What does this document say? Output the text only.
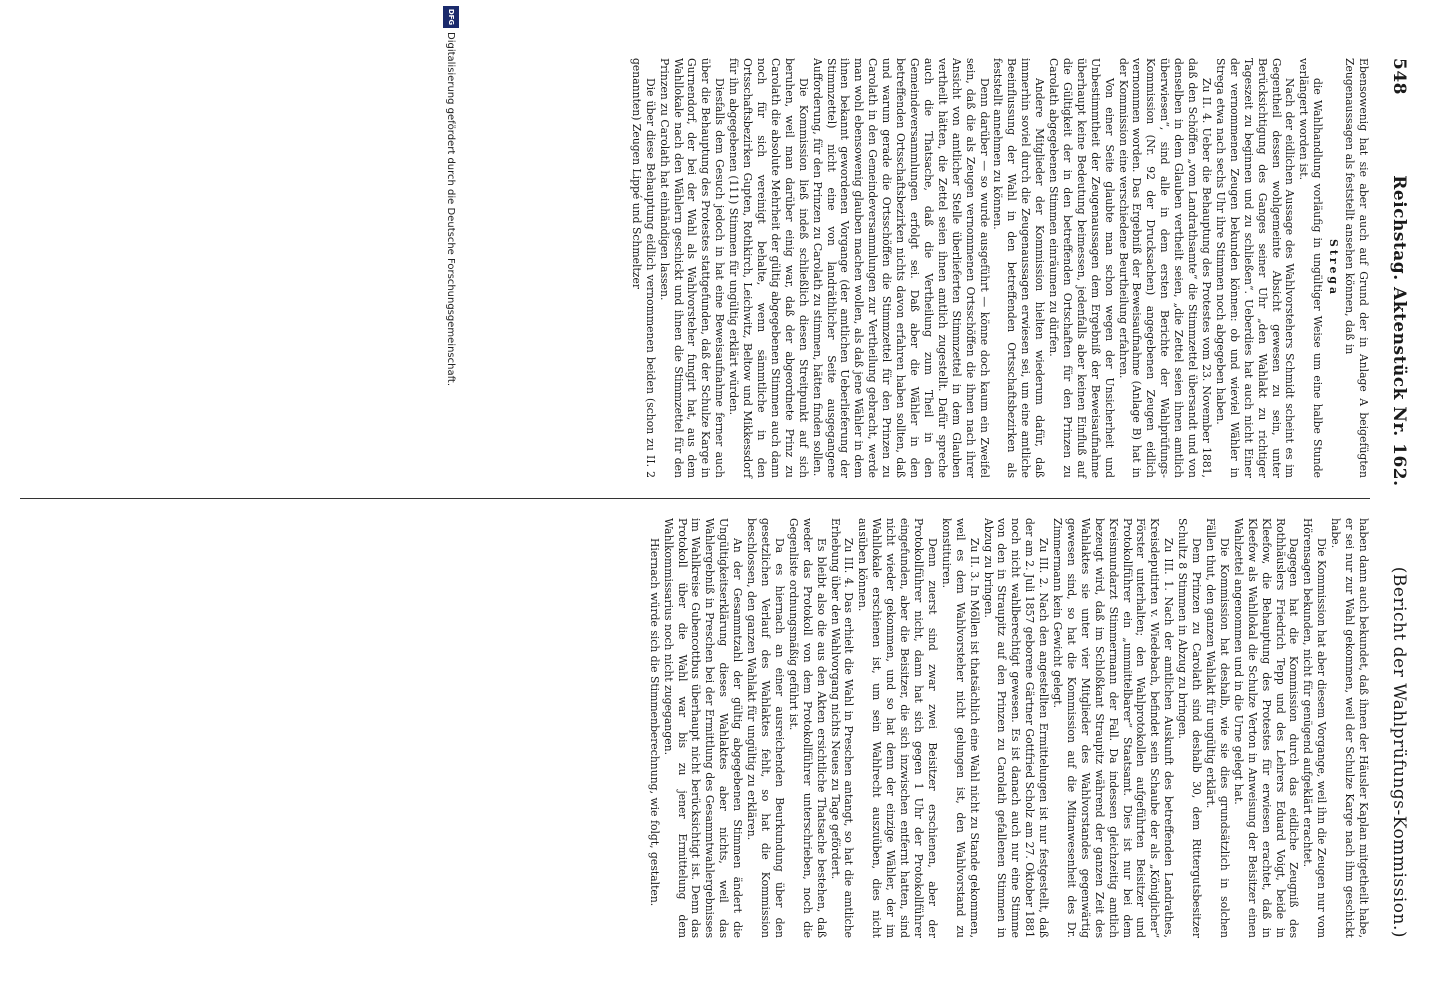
548
Reichstag. Aktenstück Nr. 162.
(Bericht der Wahlprüfungs-Kommission.)

Ebensowenig hat sie aber auch auf Grund der in Anlage A beigefügten Zeugenaussagen als feststellt ansehen können, daß in

Strega

die Wahlhandlung vorläufig in ungültiger Weise um eine halbe Stunde verlängert worden ist.

Nach der eidlichen Aussage des Wahlvorstehers Schmidt scheint es im Gegentheil dessen wohlgemeinte Absicht gewesen zu sein, unter Berücksichtigung des Ganges seiner Uhr „den Wahlakt zu richtiger Tageszeit zu beginnen und zu schließen“. Ueberdies hat auch nicht Einer der vernommenen Zeugen bekunden können: ob und wieviel Wähler in Strega etwa nach sechs Uhr ihre Stimmen noch abgegeben haben.

Zu II. 4. Ueber die Behauptung des Protestes vom 23. November 1881, daß den Schöffen „vom Landrathsamte“ die Stimmzettel übersandt und von denselben in dem Glauben vertheilt seien, „die Zettel seien ihnen amtlich überwiesen“, sind alle in dem ersten Berichte der Wahlprüfungs-Kommission (Nr. 92 der Drucksachen) angegebenen Zeugen eidlich vernommen worden. Das Ergebniß der Beweisaufnahme (Anlage B) hat in der Kommission eine verschiedene Beurtheilung erfahren.

Von einer Seite glaubte man schon wegen der Unsicherheit und Unbestimmtheit der Zeugenaussagen dem Ergebniß der Beweisaufnahme überhaupt keine Bedeutung beimessen, jedenfalls aber keinen Einfluß auf die Gültigkeit der in den betreffenden Ortschaften für den Prinzen zu Carolath abgegebenen Stimmen einräumen zu dürfen.

Andere Mitglieder der Kommission hielten wiederum dafür, daß immerhin soviel durch die Zeugenaussagen erwiesen sei, um eine amtliche Beeinflussung der Wahl in den betreffenden Ortsschaftsbezirken als feststellt annehmen zu können.

Denn darüber — so wurde ausgeführt — könne doch kaum ein Zweifel sein, daß die als Zeugen vernommenen Ortsschöffen die ihnen nach ihrer Ansicht von amtlicher Stelle überlieferten Stimmzettel in dem Glauben vertheilt hätten, die Zettel seien ihnen amtlich zugestellt. Dafür spreche auch die Thatsache, daß die Vertheilung zum Theil in den Gemeindeversammlungen erfolgt sei. Daß aber die Wähler in den betreffenden Ortsschaftsbezirken nichts davon erfahren haben sollten, daß und warum gerade die Ortsschöffen die Stimmzettel für den Prinzen zu Carolath in den Gemeindeversammlungen zur Vertheilung gebracht, werde man wohl ebensowenig glauben machen wollen, als daß jene Wähler in dem ihnen bekannt gewordenen Vorgange (der amtlichen Ueberlieferung der Stimmzettel) nicht eine von landräthlicher Seite ausgegangene Aufforderung, für den Prinzen zu Carolath zu stimmen, hätten finden sollen.

Die Kommission ließ indeß schließlich diesen Streitpunkt auf sich beruhen, weil man darüber einig war, daß der abgeordnete Prinz zu Carolath die absolute Mehrheit der gültig abgegebenen Stimmen auch dann noch für sich vereinigt behalte, wenn sämmtliche in den Ortsschaftsbezirken Gupten, Rothkirch, Leichwitz, Beltow und Mikkessdorf für ihn abgegebenen (111) Stimmen für ungültig erklärt würden.

Diesfalls dem Gesuch jedoch in hat eine Beweisaufnahme ferner auch über die Behauptung des Protestes stattgefunden, daß der Schulze Karge in Gurnendorf, der bei der Wahl als Wahlvorsteher fungirt hat, aus dem Wahllokale nach den Wählern geschickt und ihnen die Stimmzettel für den Prinzen zu Carolath hat einhändigen lassen.

Die über diese Behauptung eidlich vernommenen beiden (schon zu II. 2 genannten) Zeugen Lippé und Schmeltzer

haben dann auch bekundet, daß ihnen der Häusler Kaplan mitgetheilt habe, er sei nur zur Wahl gekommen, weil der Schulze Karge nach ihm geschickt habe.

Die Kommission hat aber diesem Vorgange, weil ihn die Zeugen nur vom Hörensagen bekunden, nicht für genügend aufgeklärt erachtet.

Dagegen hat die Kommission durch das eidliche Zeugniß des Rothhäuslers Friedrich Tepp und des Lehrers Eduard Voigt, beide in Kleefow, die Behauptung des Protestes für erwiesen erachtet, daß in Kleefow als Wahllokal die Schulze Verton in Anweisung der Beisitzer einen Wahlzettel angenommen und in die Urne gelegt hat.

Die Kommission hat deshalb, wie sie dies grundsätzlich in solchen Fällen thut, den ganzen Wahlakt für ungültig erklärt.

Dem Prinzen zu Carolath sind deshalb 30, dem Rittergutsbesitzer Schultz 8 Stimmen in Abzug zu bringen.

Zu III. 1. Nach der amtlichen Auskunft des betreffenden Landrathes, Kreisdeputirten v. Wiedebach, befindet sein Schaube der als „Königlicher“ Förster unterhalten; den Wahlprotokollen aufgeführten Beisitzer und Protokollführer ein „ummittelbarer“ Staatsamt. Dies ist nur bei dem Kreismundarzt Stimmermann der Fall. Da indessen gleichzeitig amtlich bezeugt wird, daß im Schloßkant Straupitz während der ganzen Zeit des Wahlaktes sie unter vier Mitglieder des Wahlvorstandes gegenwärtig gewesen sind, so hat die Kommission auf die Mitanwesenheit des Dr. Zimmermann kein Gewicht gelegt.

Zu III. 2. Nach den angestellten Ermittelungen ist nur festgestellt, daß der am 2. Juli 1857 geborene Gärtner Gottfried Scholz am 27. Oktober 1881 noch nicht wahlberechtigt gewesen. Es ist danach auch nur eine Stimme von den in Straupitz auf den Prinzen zu Carolath gefallenen Stimmen in Abzug zu bringen.

Zu II. 3. In Möllen ist thatsächlich eine Wahl nicht zu Stande gekommen, weil es dem Wahlvorsteher nicht gelungen ist, den Wahlvorstand zu konstituiren.

Denn zuerst sind zwar zwei Beisitzer erschienen, aber der Protokollführer nicht, dann hat sich gegen 1 Uhr der Protokollführer eingefunden, aber die Beisitzer, die sich inzwischen entfernt hatten, sind nicht wieder gekommen, und so hat denn der einzige Wähler, der im Wahllokale erschienen ist, um sein Wahlrecht auszuüben, dies nicht ausüben können.

Zu III. 4. Das erhielt die Wahl in Preschen antangt, so hat die amtliche Erhebung über den Wahlvorgang nichts Neues zu Tage gefördert.

Es bleibt also die aus den Akten ersichtliche Thatsache bestehen, daß weder das Protokoll von dem Protokollführer unterschrieben, noch die Gegenliste ordnungsmäßig geführt ist.

Da es hiernach an einer ausreichenden Beurkundung über den gesetzlichen Verlauf des Wahlaktes fehlt, so hat die Kommission beschlossen, den ganzen Wahlakt für ungültig zu erklären.

An der Gesammtzahl der gültig abgegebenen Stimmen ändert die Ungültigkeitserklärung dieses Wahlaktes aber nichts, weil das Wahlergebniß in Preschen bei der Ermittlung des Gesammtwahlergebnisses im Wahlkreise Gubencottbus überhaupt nicht berücksichtigt ist. Denn das Protokoll über die Wahl war bis zu jener Ermittelung dem Wahlkommissarius noch nicht zugegangen.

Hiernach würde sich die Stimmenberechnung, wie folgt, gestalten.

DFG
Digitalisierung gefördert durch die Deutsche Forschungsgemeinschaft.
